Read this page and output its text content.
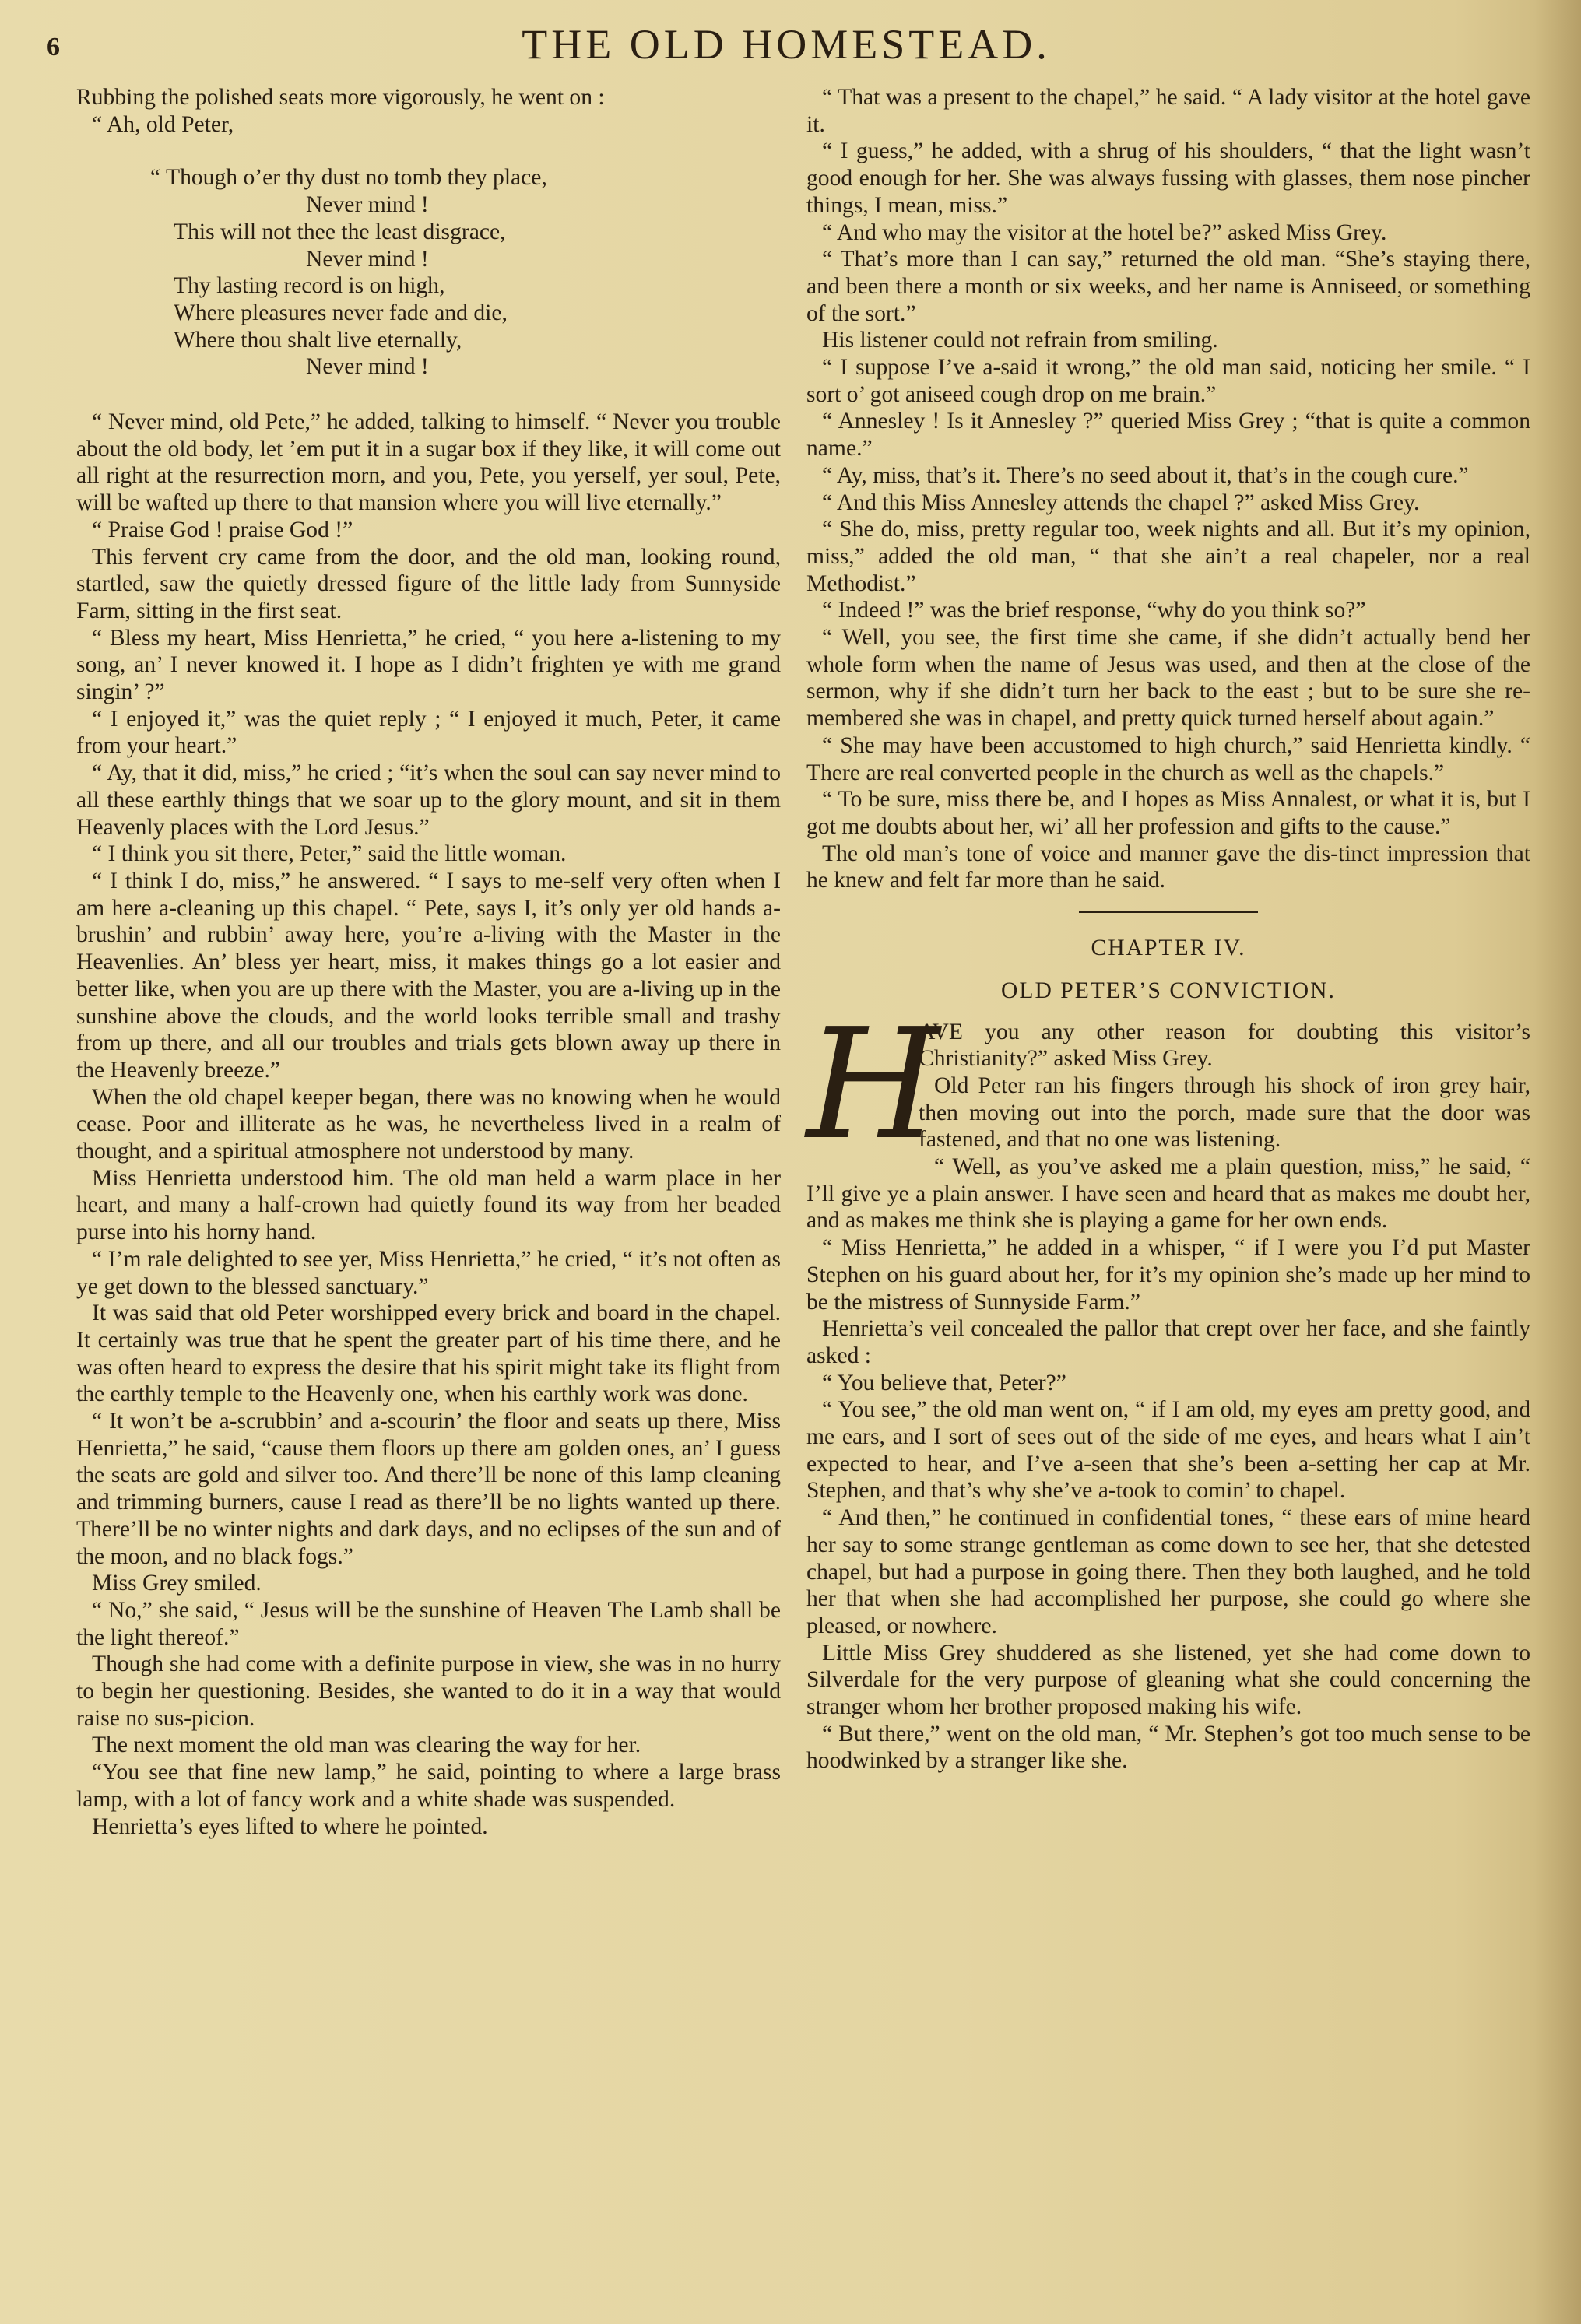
6	THE OLD HOMESTEAD.

Rubbing the polished seats more vigorously, he went on :

“ Ah, old Peter,

“ Though o’er thy dust no tomb they place,
Never mind !
This will not thee the least disgrace,
Never mind !
Thy lasting record is on high,
Where pleasures never fade and die,
Where thou shalt live eternally,
Never mind !

“ Never mind, old Pete,” he added, talking to himself. “ Never you trouble about the old body, let ’em put it in a sugar box if they like, it will come out all right at the resurrection morn, and you, Pete, you yerself, yer soul, Pete, will be wafted up there to that mansion where you will live eternally.”

“ Praise God ! praise God !”

This fervent cry came from the door, and the old man, looking round, startled, saw the quietly dressed figure of the little lady from Sunnyside Farm, sitting in the first seat.

“ Bless my heart, Miss Henrietta,” he cried, “ you here a-listening to my song, an’ I never knowed it. I hope as I didn’t frighten ye with me grand singin’ ?”

“ I enjoyed it,” was the quiet reply ; “ I enjoyed it much, Peter, it came from your heart.”

“ Ay, that it did, miss,” he cried ; “it’s when the soul can say never mind to all these earthly things that we soar up to the glory mount, and sit in them Heavenly places with the Lord Jesus.”

“ I think you sit there, Peter,” said the little woman.

“ I think I do, miss,” he answered. “ I says to me-self very often when I am here a-cleaning up this chapel. “ Pete, says I, it’s only yer old hands a-brushin’ and rubbin’ away here, you’re a-living with the Master in the Heavenlies. An’ bless yer heart, miss, it makes things go a lot easier and better like, when you are up there with the Master, you are a-living up in the sunshine above the clouds, and the world looks terrible small and trashy from up there, and all our troubles and trials gets blown away up there in the Heavenly breeze.”

When the old chapel keeper began, there was no knowing when he would cease. Poor and illiterate as he was, he nevertheless lived in a realm of thought, and a spiritual atmosphere not understood by many.

Miss Henrietta understood him. The old man held a warm place in her heart, and many a half-crown had quietly found its way from her beaded purse into his horny hand.

“ I’m rale delighted to see yer, Miss Henrietta,” he cried, “ it’s not often as ye get down to the blessed sanctuary.”

It was said that old Peter worshipped every brick and board in the chapel. It certainly was true that he spent the greater part of his time there, and he was often heard to express the desire that his spirit might take its flight from the earthly temple to the Heavenly one, when his earthly work was done.

“ It won’t be a-scrubbin’ and a-scourin’ the floor and seats up there, Miss Henrietta,” he said, “cause them floors up there am golden ones, an’ I guess the seats are gold and silver too. And there’ll be none of this lamp cleaning and trimming burners, cause I read as there’ll be no lights wanted up there. There’ll be no winter nights and dark days, and no eclipses of the sun and of the moon, and no black fogs.”

Miss Grey smiled.

“ No,” she said, “ Jesus will be the sunshine of Heaven The Lamb shall be the light thereof.”

Though she had come with a definite purpose in view, she was in no hurry to begin her questioning. Besides, she wanted to do it in a way that would raise no sus-picion.

The next moment the old man was clearing the way for her.

“You see that fine new lamp,” he said, pointing to where a large brass lamp, with a lot of fancy work and a white shade was suspended.

Henrietta’s eyes lifted to where he pointed.

“ That was a present to the chapel,” he said. “ A lady visitor at the hotel gave it.

“ I guess,” he added, with a shrug of his shoulders, “ that the light wasn’t good enough for her. She was always fussing with glasses, them nose pincher things, I mean, miss.”

“ And who may the visitor at the hotel be?” asked Miss Grey.

“ That’s more than I can say,” returned the old man. “She’s staying there, and been there a month or six weeks, and her name is Anniseed, or something of the sort.”

His listener could not refrain from smiling.

“ I suppose I’ve a-said it wrong,” the old man said, noticing her smile. “ I sort o’ got aniseed cough drop on me brain.”

“ Annesley ! Is it Annesley ?” queried Miss Grey ; “that is quite a common name.”

“ Ay, miss, that’s it. There’s no seed about it, that’s in the cough cure.”

“ And this Miss Annesley attends the chapel ?” asked Miss Grey.

“ She do, miss, pretty regular too, week nights and all. But it’s my opinion, miss,” added the old man, “ that she ain’t a real chapeler, nor a real Methodist.”

“ Indeed !” was the brief response, “why do you think so?”

“ Well, you see, the first time she came, if she didn’t actually bend her whole form when the name of Jesus was used, and then at the close of the sermon, why if she didn’t turn her back to the east ; but to be sure she re-membered she was in chapel, and pretty quick turned herself about again.”

“ She may have been accustomed to high church,” said Henrietta kindly. “ There are real converted people in the church as well as the chapels.”

“ To be sure, miss there be, and I hopes as Miss Annalest, or what it is, but I got me doubts about her, wi’ all her profession and gifts to the cause.”

The old man’s tone of voice and manner gave the dis-tinct impression that he knew and felt far more than he said.

CHAPTER IV.
OLD PETER’S CONVICTION.
H

AVE you any other reason for doubting this visitor’s Christianity?” asked Miss Grey.

Old Peter ran his fingers through his shock of iron grey hair, then moving out into the porch, made sure that the door was fastened, and that no one was listening.

“ Well, as you’ve asked me a plain question, miss,” he said, “ I’ll give ye a plain answer. I have seen and heard that as makes me doubt her, and as makes me think she is playing a game for her own ends.

“ Miss Henrietta,” he added in a whisper, “ if I were you I’d put Master Stephen on his guard about her, for it’s my opinion she’s made up her mind to be the mistress of Sunnyside Farm.”

Henrietta’s veil concealed the pallor that crept over her face, and she faintly asked :

“ You believe that, Peter?”

“ You see,” the old man went on, “ if I am old, my eyes am pretty good, and me ears, and I sort of sees out of the side of me eyes, and hears what I ain’t expected to hear, and I’ve a-seen that she’s been a-setting her cap at Mr. Stephen, and that’s why she’ve a-took to comin’ to chapel.

“ And then,” he continued in confidential tones, “ these ears of mine heard her say to some strange gentleman as come down to see her, that she detested chapel, but had a purpose in going there. Then they both laughed, and he told her that when she had accomplished her purpose, she could go where she pleased, or nowhere.

Little Miss Grey shuddered as she listened, yet she had come down to Silverdale for the very purpose of gleaning what she could concerning the stranger whom her brother proposed making his wife.

“ But there,” went on the old man, “ Mr. Stephen’s got too much sense to be hoodwinked by a stranger like she.
